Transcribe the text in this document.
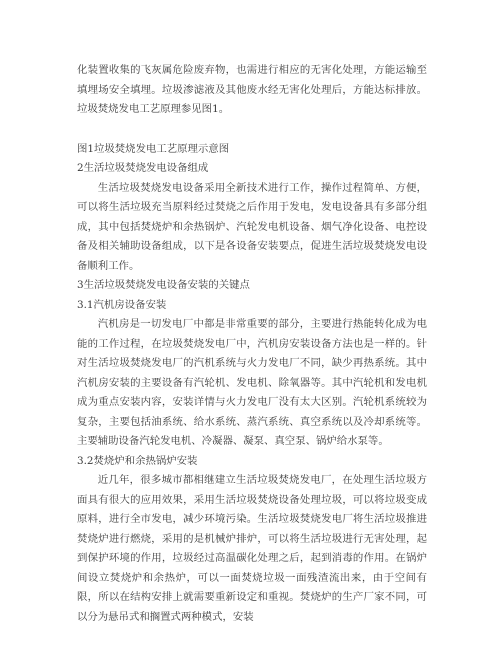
化装置收集的飞灰属危险废弃物，也需进行相应的无害化处理，方能运输至填埋场安全填埋。垃圾渗滤液及其他废水经无害化处理后，方能达标排放。垃圾焚烧发电工艺原理参见图1。

图1垃圾焚烧发电工艺原理示意图

2生活垃圾焚烧发电设备组成

生活垃圾焚烧发电设备采用全新技术进行工作，操作过程简单、方便，可以将生活垃圾充当原料经过焚烧之后作用于发电，发电设备具有多部分组成，其中包括焚烧炉和余热锅炉、汽轮发电机设备、烟气净化设备、电控设备及相关辅助设备组成，以下是各设备安装要点，促进生活垃圾焚烧发电设备顺利工作。

3生活垃圾焚烧发电设备安装的关键点

3.1汽机房设备安装

汽机房是一切发电厂中都是非常重要的部分，主要进行热能转化成为电能的工作过程，在垃圾焚烧发电厂中，汽机房安装设备方法也是一样的。针对生活垃圾焚烧发电厂的汽机系统与火力发电厂不同，缺少再热系统。其中汽机房安装的主要设备有汽轮机、发电机、除氧器等。其中汽轮机和发电机成为重点安装内容，安装详情与火力发电厂没有太大区别。汽轮机系统较为复杂，主要包括油系统、给水系统、蒸汽系统、真空系统以及冷却系统等。主要辅助设备汽轮发电机、冷凝器、凝泵、真空泵、锅炉给水泵等。

3.2焚烧炉和余热锅炉安装

近几年，很多城市都相继建立生活垃圾焚烧发电厂，在处理生活垃圾方面具有很大的应用效果，采用生活垃圾焚烧设备处理垃圾，可以将垃圾变成原料，进行全市发电，减少环境污染。生活垃圾焚烧发电厂将生活垃圾推进焚烧炉进行燃烧，采用的是机械炉排炉，可以将生活垃圾进行无害处理，起到保护环境的作用，垃圾经过高温碳化处理之后，起到消毒的作用。在锅炉间设立焚烧炉和余热炉，可以一面焚烧垃圾一面残渣流出来，由于空间有限，所以在结构安排上就需要重新设定和重视。焚烧炉的生产厂家不同，可以分为悬吊式和搁置式两种模式，安装
